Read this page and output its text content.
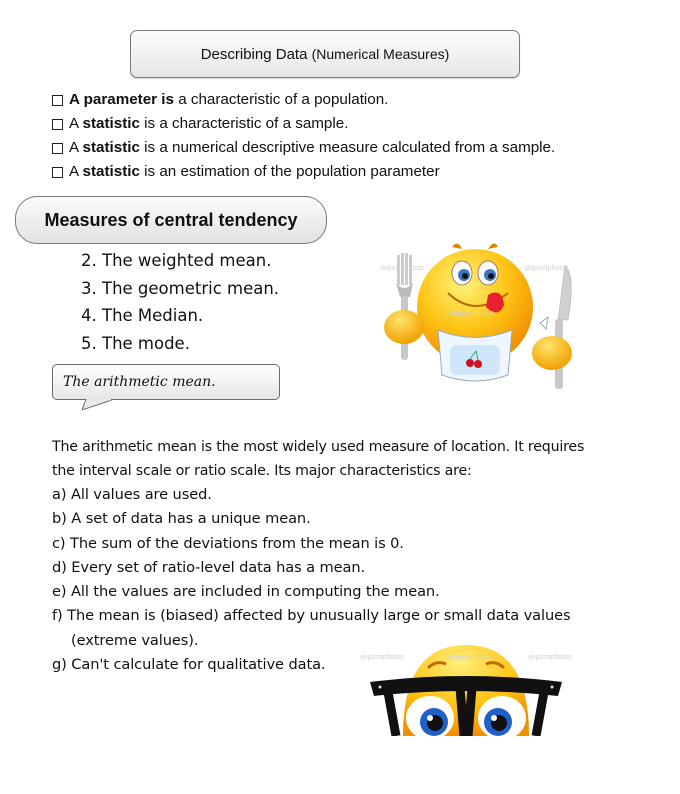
Describing Data
(Numerical Measures)
A parameter is a characteristic of a population.
A statistic is a characteristic of a sample.
A statistic is a numerical descriptive measure calculated from a sample.
A statistic is an estimation of the population parameter
Measures of central tendency
2. The weighted mean.
3. The geometric mean.
4. The Median.
5. The mode.
depositphotos	depositphotos
depositphotos
The arithmetic mean.
The arithmetic mean is the most widely used measure of location. It requires
the interval scale or ratio scale. Its major characteristics are:
a) All values are used.
b) A set of data has a unique mean.
c) The sum of the deviations from the mean is 0.
d) Every set of ratio-level data has a mean.
e) All the values are included in computing the mean.
f) The mean is (biased) affected by unusually large or small data values
(extreme values).
g) Can't calculate for qualitative data.	depositphotos	depositphotos	depositphotos
